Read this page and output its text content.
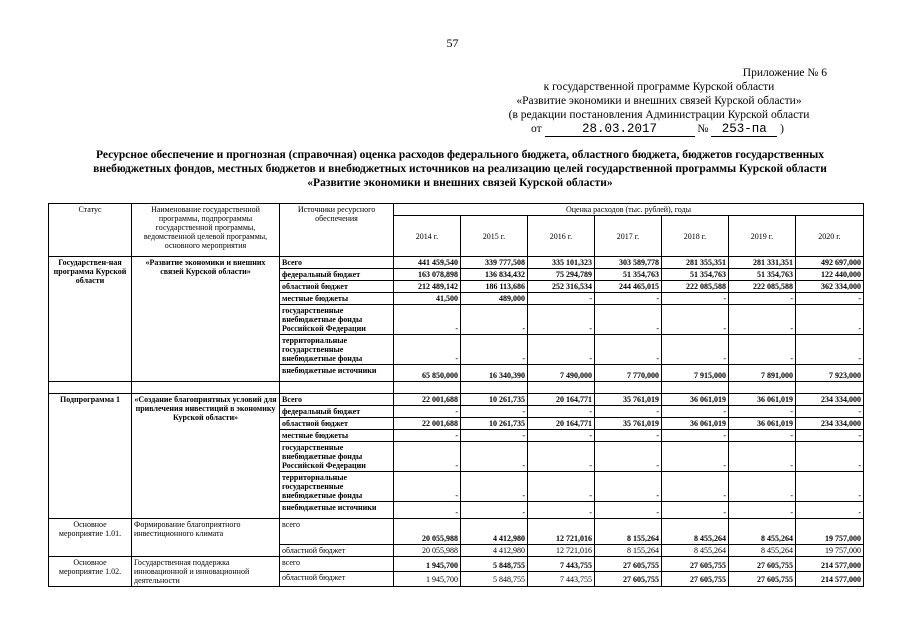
57
Приложение № 6
к государственной программе Курской области
«Развитие экономики и внешних связей Курской области»
(в редакции постановления Администрации Курской области
от	28.03.2017	№ 253-па )
Ресурсное обеспечение и прогнозная (справочная) оценка расходов федерального бюджета, областного бюджета, бюджетов государственных внебюджетных фондов, местных бюджетов и внебюджетных источников на реализацию целей государственной программы Курской области «Развитие экономики и внешних связей Курской области»
Статус	Наименование государственной программы, подпрограммы государственной программы, ведомственной целевой программы, основного мероприятия	Источники ресурсного обеспечения	Оценка расходов (тыс. рублей), годы						
			2014 г.	2015 г.	2016 г.	2017 г.	2018 г.	2019 г.	2020 г.
Государствен-ная программа Курской области	«Развитие экономики и внешних связей Курской области»	Всего	441 459,540	339 777,508	335 101,323	303 589,778	281 355,351	281 331,351	492 697,000
		федеральный бюджет	163 078,898	136 834,432	75 294,789	51 354,763	51 354,763	51 354,763	122 440,000
		областной бюджет	212 489,142	186 113,686	252 316,534	244 465,015	222 085,588	222 085,588	362 334,000
		местные бюджеты	41,500	489,000	-	-	-	-	-
		государственные внебюджетные фонды Российской Федерации	-	-	-	-	-	-	-
		территориальные государственные внебюджетные фонды	-	-	-	-	-	-	-
		внебюджетные источники	65 850,000	16 340,390	7 490,000	7 770,000	7 915,000	7 891,000	7 923,000

Подпрограмма 1	«Создание благоприятных условий для привлечения инвестиций в экономику Курской области»	Всего	22 001,688	10 261,735	20 164,771	35 761,019	36 061,019	36 061,019	234 334,000
		федеральный бюджет	-	-	-	-	-	-	-
		областной бюджет	22 001,688	10 261,735	20 164,771	35 761,019	36 061,019	36 061,019	234 334,000
		местные бюджеты	-	-	-	-	-	-	-
		государственные внебюджетные фонды Российской Федерации	-	-	-	-	-	-	-
		территориальные государственные внебюджетные фонды	-	-	-	-	-	-	-
		внебюджетные источники	-	-	-	-	-	-	-
Основное мероприятие 1.01.	Формирование благоприятного инвестиционного климата	всего	20 055,988	4 412,980	12 721,016	8 155,264	8 455,264	8 455,264	19 757,000
		областной бюджет	20 055,988	4 412,980	12 721,016	8 155,264	8 455,264	8 455,264	19 757,000
Основное мероприятие 1.02.	Государственная поддержка инновационной и инновационной деятельности	всего	1 945,700	5 848,755	7 443,755	27 605,755	27 605,755	27 605,755	214 577,000
		областной бюджет	1 945,700	5 848,755	7 443,755	27 605,755	27 605,755	27 605,755	214 577,000
